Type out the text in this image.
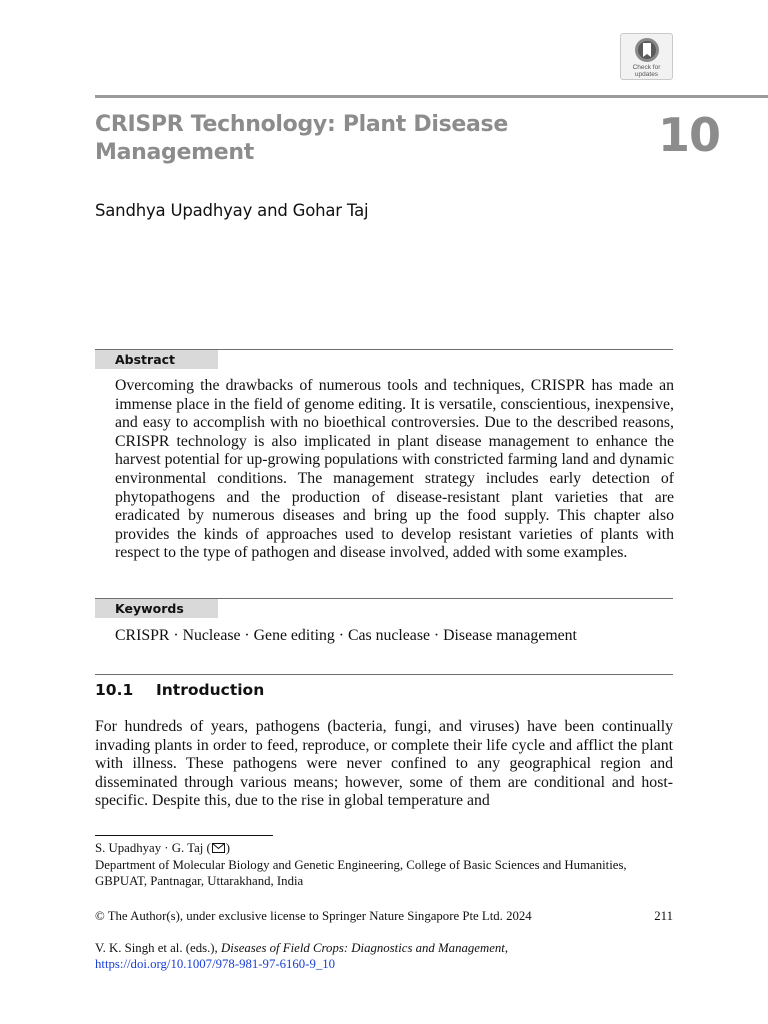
Check for
updates
CRISPR Technology: Plant Disease
Management	10
Sandhya Upadhyay and Gohar Taj
Abstract
Overcoming the drawbacks of numerous tools and techniques, CRISPR has made an immense place in the field of genome editing. It is versatile, conscientious, inexpensive, and easy to accomplish with no bioethical controversies. Due to the described reasons, CRISPR technology is also implicated in plant disease management to enhance the harvest potential for up-growing populations with constricted farming land and dynamic environmental conditions. The management strategy includes early detection of phytopathogens and the production of disease-resistant plant varieties that are eradicated by numerous diseases and bring up the food supply. This chapter also provides the kinds of approaches used to develop resistant varieties of plants with respect to the type of pathogen and disease involved, added with some examples.
Keywords
CRISPR · Nuclease · Gene editing · Cas nuclease · Disease management
10.1 Introduction
For hundreds of years, pathogens (bacteria, fungi, and viruses) have been continually invading plants in order to feed, reproduce, or complete their life cycle and afflict the plant with illness. These pathogens were never confined to any geographical region and disseminated through various means; however, some of them are conditional and host-specific. Despite this, due to the rise in global temperature and
S. Upadhyay · G. Taj ( )
Department of Molecular Biology and Genetic Engineering, College of Basic Sciences and Humanities, GBPUAT, Pantnagar, Uttarakhand, India
© The Author(s), under exclusive license to Springer Nature Singapore Pte Ltd. 2024	211
V. K. Singh et al. (eds.), Diseases of Field Crops: Diagnostics and Management,
https://doi.org/10.1007/978-981-97-6160-9_10
